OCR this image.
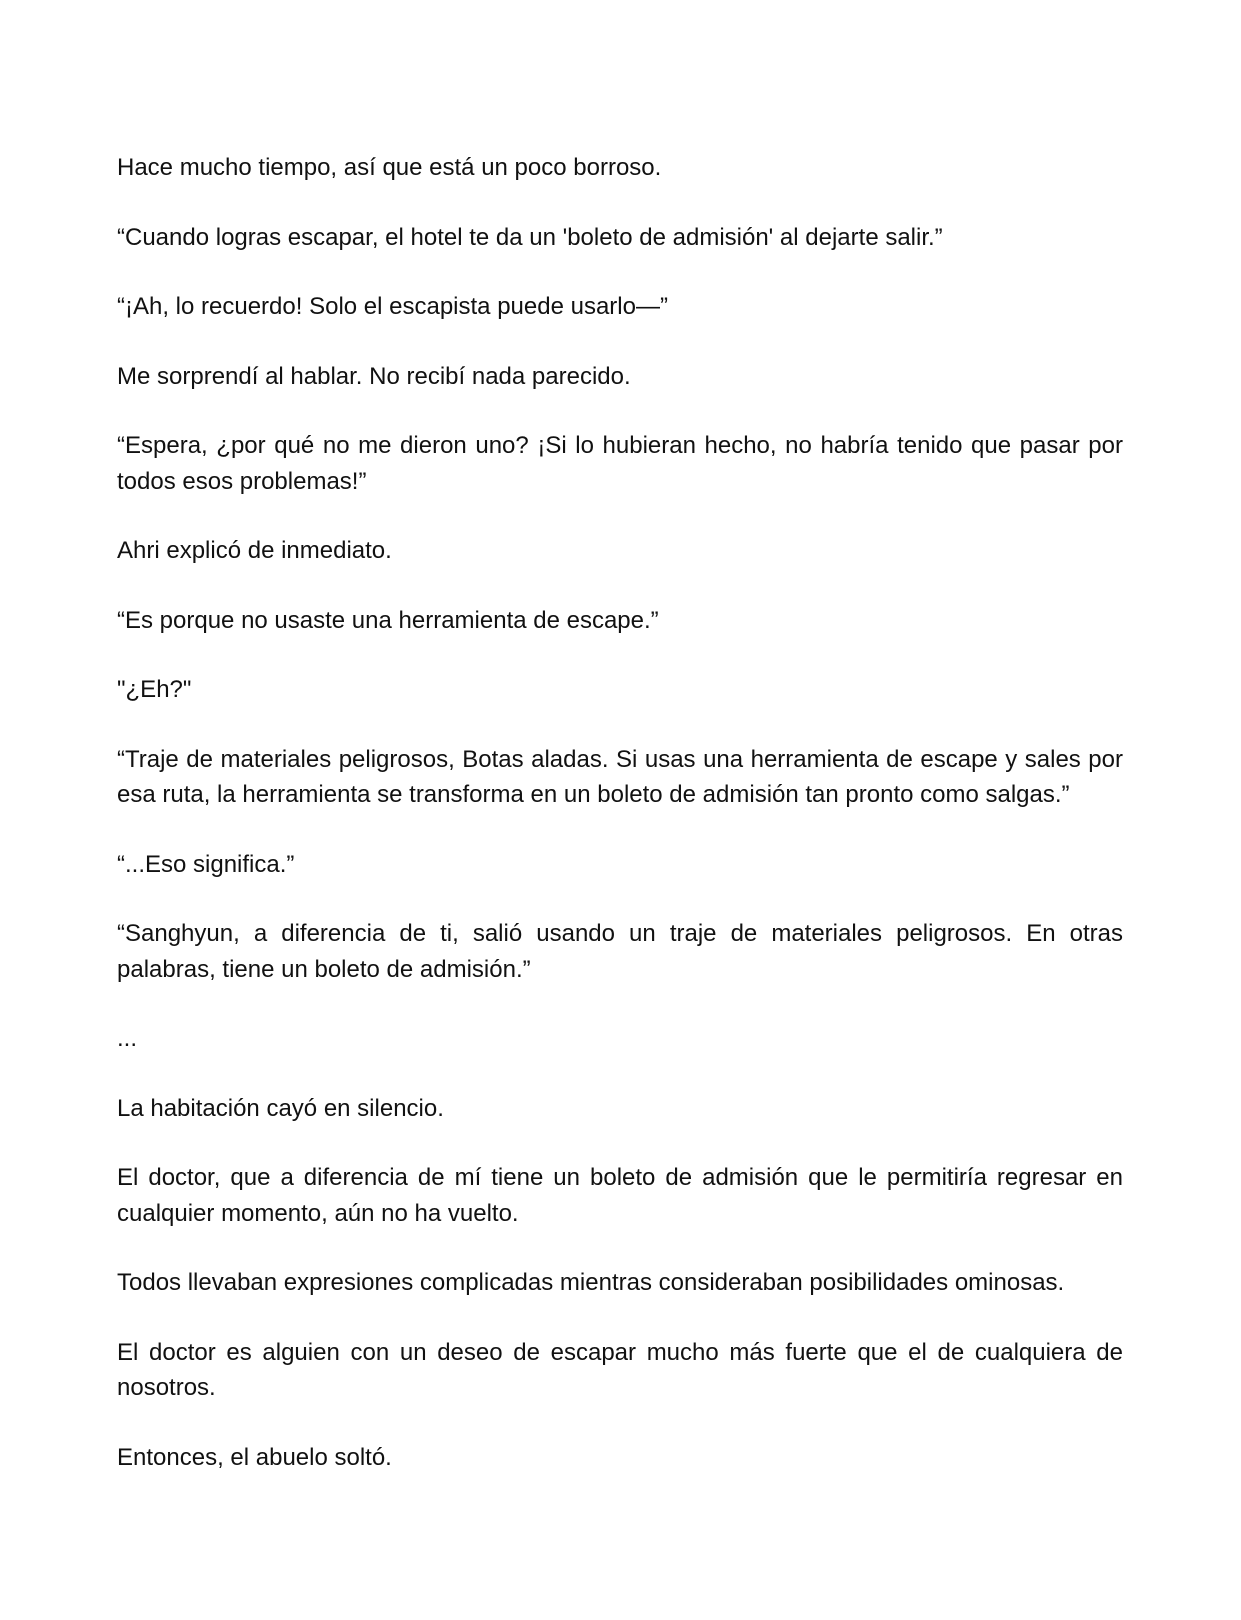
Hace mucho tiempo, así que está un poco borroso.

“Cuando logras escapar, el hotel te da un 'boleto de admisión' al dejarte salir.”

“¡Ah, lo recuerdo! Solo el escapista puede usarlo—”

Me sorprendí al hablar. No recibí nada parecido.

“Espera, ¿por qué no me dieron uno? ¡Si lo hubieran hecho, no habría tenido que pasar por todos esos problemas!”

Ahri explicó de inmediato.

“Es porque no usaste una herramienta de escape.”

"¿Eh?"

“Traje de materiales peligrosos, Botas aladas. Si usas una herramienta de escape y sales por esa ruta, la herramienta se transforma en un boleto de admisión tan pronto como salgas.”

“...Eso significa.”

“Sanghyun, a diferencia de ti, salió usando un traje de materiales peligrosos. En otras palabras, tiene un boleto de admisión.”

...

La habitación cayó en silencio.

El doctor, que a diferencia de mí tiene un boleto de admisión que le permitiría regresar en cualquier momento, aún no ha vuelto.

Todos llevaban expresiones complicadas mientras consideraban posibilidades ominosas.

El doctor es alguien con un deseo de escapar mucho más fuerte que el de cualquiera de nosotros.

Entonces, el abuelo soltó.
